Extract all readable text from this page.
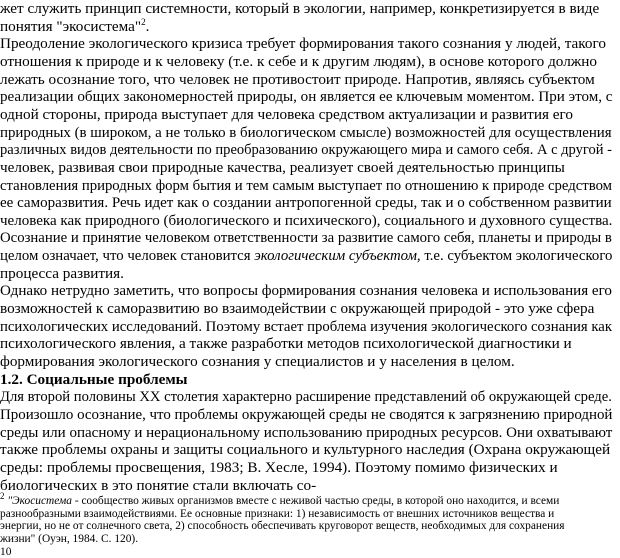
жет служить принцип системности, который в экологии, например, конкретизируется в виде
понятия "экосистема"$^2$.
Преодоление экологического кризиса требует формирования такого сознания у людей, такого
отношения к природе и к человеку (т.е. к себе и к другим людям), в основе которого должно
лежать осознание того, что человек не противостоит природе. Напротив, являясь субъектом
реализации общих закономерностей природы, он является ее ключевым моментом. При этом, с
одной стороны, природа выступает для человека средством актуализации и развития его
природных (в широком, а не только в биологическом смысле) возможностей для осуществления
различных видов деятельности по преобразованию окружающего мира и самого себя. А с другой -
человек, развивая свои природные качества, реализует своей деятельностью принципы
становления природных форм бытия и тем самым выступает по отношению к природе средством
ее саморазвития. Речь идет как о создании антропогенной среды, так и о собственном развитии
человека как природного (биологического и психического), социального и духовного существа.
Осознание и принятие человеком ответственности за развитие самого себя, планеты и природы в
целом означает, что человек становится экологическим субъектом, т.е. субъектом экологического
процесса развития.
Однако нетрудно заметить, что вопросы формирования сознания человека и использования его
возможностей к саморазвитию во взаимодействии с окружающей природой - это уже сфера
психологических исследований. Поэтому встает проблема изучения экологического сознания как
психологического явления, а также разработки методов психологической диагностики и
формирования экологического сознания у специалистов и у населения в целом.
1.2. Социальные проблемы
Для второй половины XX столетия характерно расширение представлений об окружающей среде.
Произошло осознание, что проблемы окружающей среды не сводятся к загрязнению природной
среды или опасному и нерациональному использованию природных ресурсов. Они охватывают
также проблемы охраны и защиты социального и культурного наследия (Охрана окружающей
среды: проблемы просвещения, 1983; В. Хесле, 1994). Поэтому помимо физических и
биологических в это понятие стали включать со-
$^2$ "Экосистема - сообщество живых организмов вместе с неживой частью среды, в которой оно находится, и всеми
разнообразными взаимодействиями. Ее основные признаки: 1) независимость от внешних источников вещества и
энергии, но не от солнечного света, 2) способность обеспечивать круговорот веществ, необходимых для сохранения
жизни" (Оуэн, 1984. С. 120).
10
